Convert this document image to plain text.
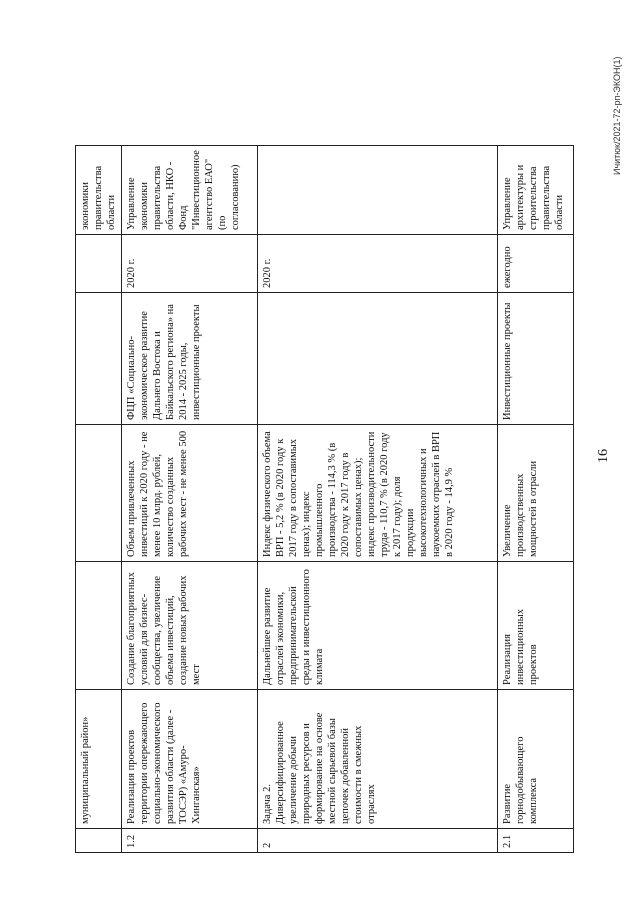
16
	муниципальный район»					экономики правительства области
1.2	Реализация проектов территории опережающего социально-экономического развития области (далее - ТОСЭР) «Амуро-Хинганская»	Создание благоприятных условий для бизнес-сообщества, увеличение объема инвестиций, создание новых рабочих мест	Объем привлеченных инвестиций к 2020 году - не менее 10 млрд. рублей, количество созданных рабочих мест - не менее 500	ФЦП «Социально-экономическое развитие Дальнего Востока и Байкальского региона» на 2014 - 2025 годы, инвестиционные проекты	2020 г.	Управление экономики правительства области, НКО - Фонд "Инвестиционное агентство ЕАО" (по согласованию)
2	Задача 2. Диверсифицированное увеличение добычи природных ресурсов и формирование на основе местной сырьевой базы цепочек добавленной стоимости в смежных отраслях	Дальнейшее развитие отраслей экономики, предпринимательской среды и инвестиционного климата	Индекс физического объема ВРП - 5,2 % (в 2020 году к 2017 году в сопоставимых ценах); индекс промышленного производства - 114,3 % (в 2020 году к 2017 году в сопоставимых ценах); индекс производительности труда - 110,7 % (в 2020 году к 2017 году); доля продукции высокотехнологичных и наукоемких отраслей в ВРП в 2020 году - 14,9 %		2020 г.	
2.1	Развитие горнодобывающего комплекса	Реализация инвестиционных проектов	Увеличение производственных мощностей в отрасли	Инвестиционные проекты	ежегодно	Управление архитектуры и строительства правительства области
Ичитюк/2021-72-рп-ЭКОН(1)
